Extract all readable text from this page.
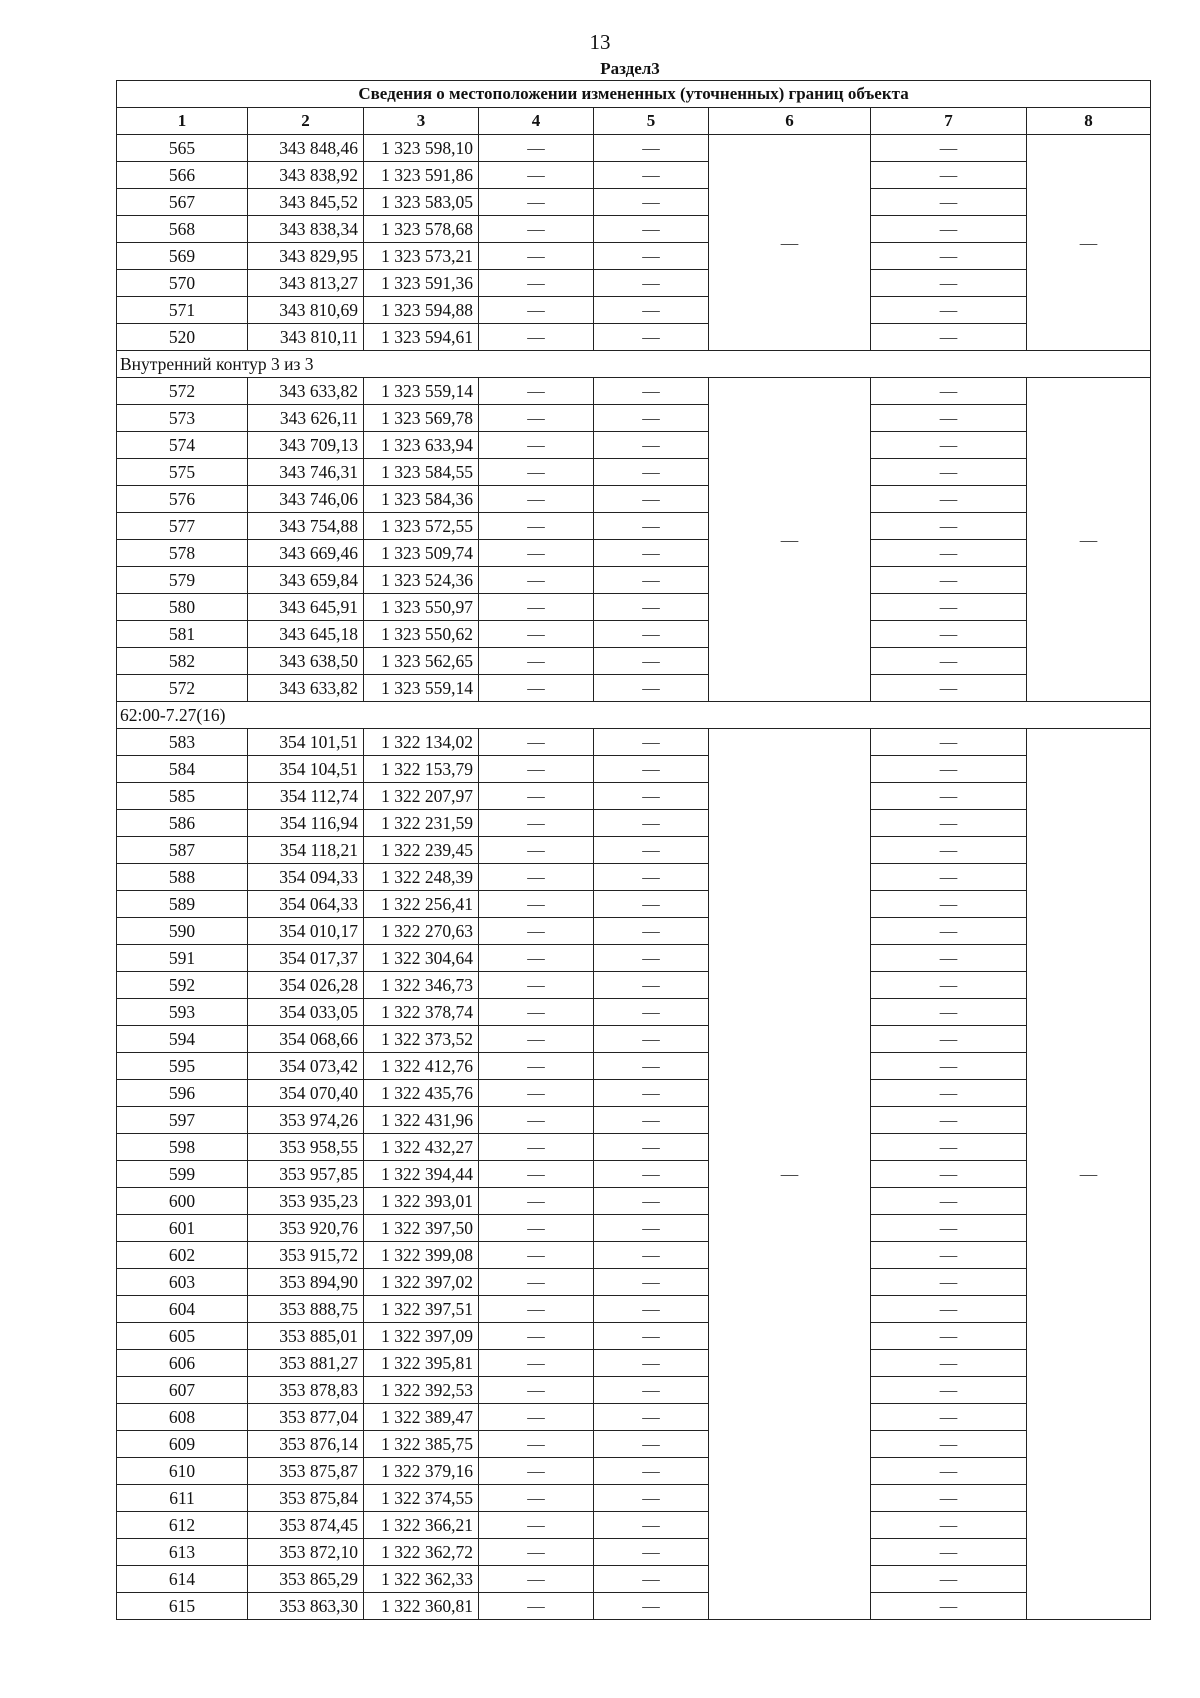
13
Раздел3
Сведения о местоположении измененных (уточненных) границ объекта							
1	2	3	4	5	6	7	8
565	343 848,46	1 323 598,10	—	—	—	—	—
566	343 838,92	1 323 591,86	—	—		—	
567	343 845,52	1 323 583,05	—	—		—	
568	343 838,34	1 323 578,68	—	—		—	
569	343 829,95	1 323 573,21	—	—		—	
570	343 813,27	1 323 591,36	—	—		—	
571	343 810,69	1 323 594,88	—	—		—	
520	343 810,11	1 323 594,61	—	—		—	
Внутренний контур 3 из 3							
572	343 633,82	1 323 559,14	—	—	—	—	—
573	343 626,11	1 323 569,78	—	—		—	
574	343 709,13	1 323 633,94	—	—		—	
575	343 746,31	1 323 584,55	—	—		—	
576	343 746,06	1 323 584,36	—	—		—	
577	343 754,88	1 323 572,55	—	—		—	
578	343 669,46	1 323 509,74	—	—		—	
579	343 659,84	1 323 524,36	—	—		—	
580	343 645,91	1 323 550,97	—	—		—	
581	343 645,18	1 323 550,62	—	—		—	
582	343 638,50	1 323 562,65	—	—		—	
572	343 633,82	1 323 559,14	—	—		—	
62:00-7.27(16)							
583	354 101,51	1 322 134,02	—	—	—	—	—
584	354 104,51	1 322 153,79	—	—		—	
585	354 112,74	1 322 207,97	—	—		—	
586	354 116,94	1 322 231,59	—	—		—	
587	354 118,21	1 322 239,45	—	—		—	
588	354 094,33	1 322 248,39	—	—		—	
589	354 064,33	1 322 256,41	—	—		—	
590	354 010,17	1 322 270,63	—	—		—	
591	354 017,37	1 322 304,64	—	—		—	
592	354 026,28	1 322 346,73	—	—		—	
593	354 033,05	1 322 378,74	—	—		—	
594	354 068,66	1 322 373,52	—	—		—	
595	354 073,42	1 322 412,76	—	—		—	
596	354 070,40	1 322 435,76	—	—		—	
597	353 974,26	1 322 431,96	—	—		—	
598	353 958,55	1 322 432,27	—	—		—	
599	353 957,85	1 322 394,44	—	—		—	
600	353 935,23	1 322 393,01	—	—		—	
601	353 920,76	1 322 397,50	—	—		—	
602	353 915,72	1 322 399,08	—	—		—	
603	353 894,90	1 322 397,02	—	—		—	
604	353 888,75	1 322 397,51	—	—		—	
605	353 885,01	1 322 397,09	—	—		—	
606	353 881,27	1 322 395,81	—	—		—	
607	353 878,83	1 322 392,53	—	—		—	
608	353 877,04	1 322 389,47	—	—		—	
609	353 876,14	1 322 385,75	—	—		—	
610	353 875,87	1 322 379,16	—	—		—	
611	353 875,84	1 322 374,55	—	—		—	
612	353 874,45	1 322 366,21	—	—		—	
613	353 872,10	1 322 362,72	—	—		—	
614	353 865,29	1 322 362,33	—	—		—	
615	353 863,30	1 322 360,81	—	—		—	
